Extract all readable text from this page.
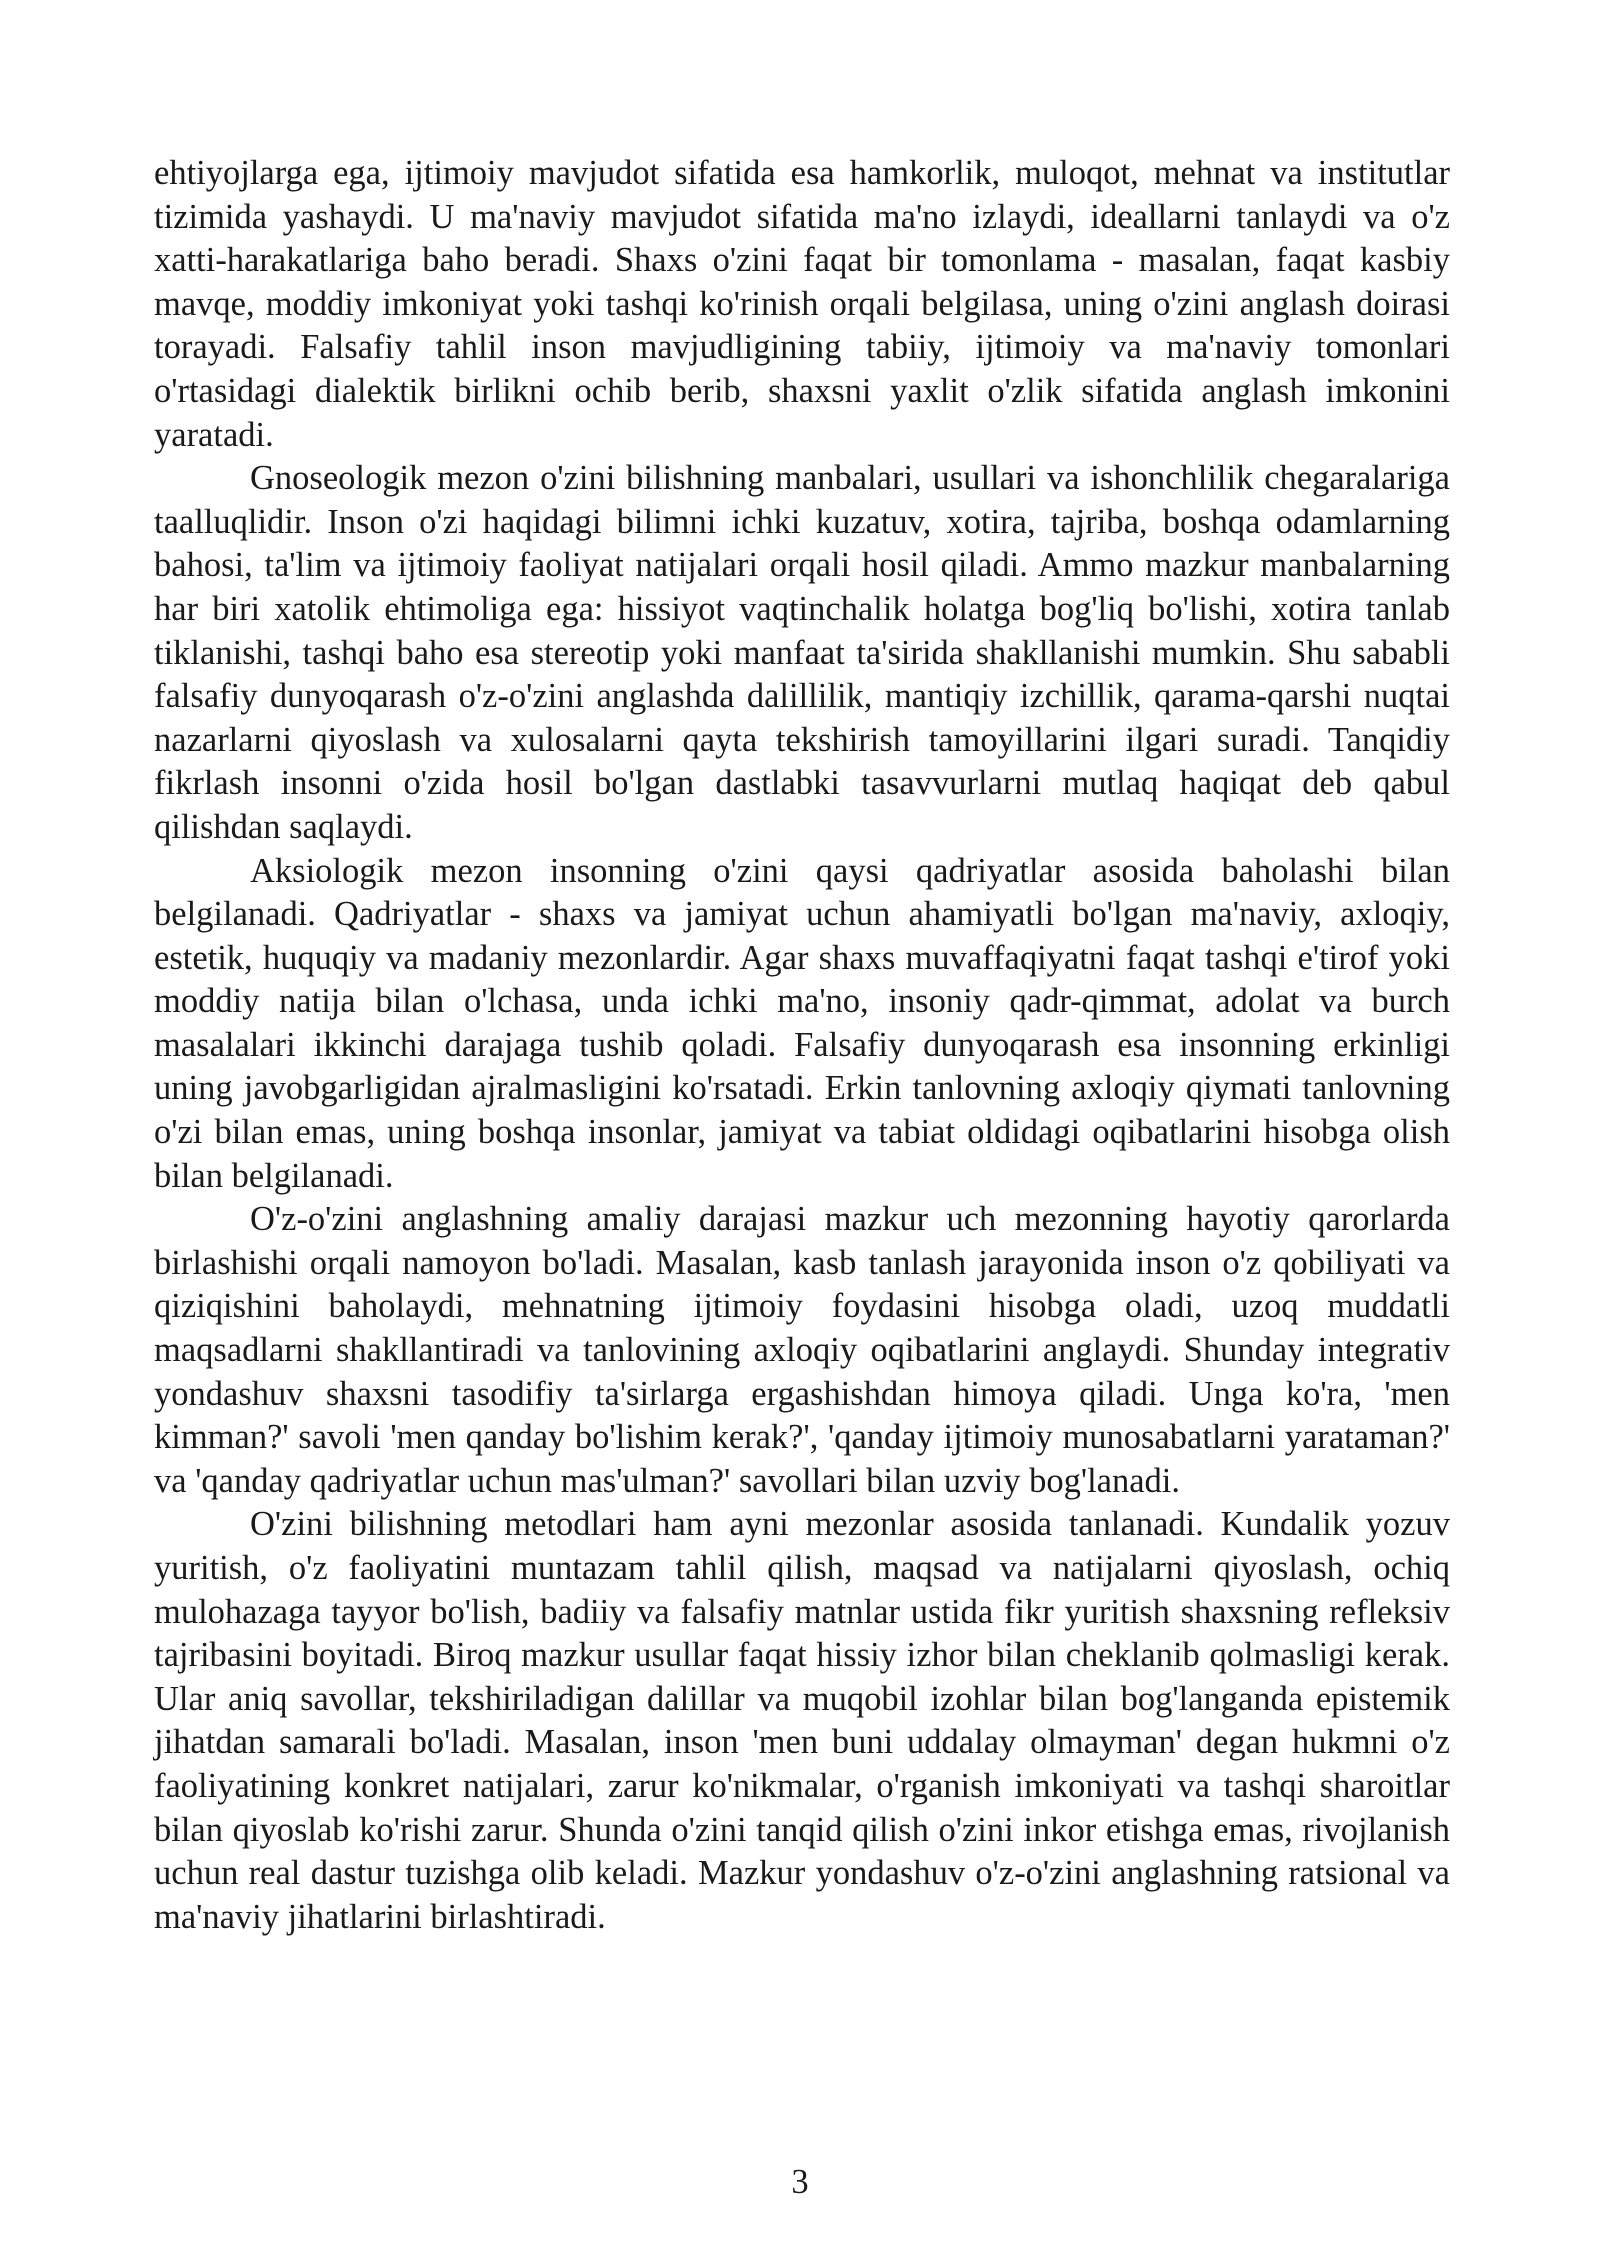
ehtiyojlarga ega, ijtimoiy mavjudot sifatida esa hamkorlik, muloqot, mehnat va institutlar tizimida yashaydi. U ma'naviy mavjudot sifatida ma'no izlaydi, ideallarni tanlaydi va o'z xatti-harakatlariga baho beradi. Shaxs o'zini faqat bir tomonlama - masalan, faqat kasbiy mavqe, moddiy imkoniyat yoki tashqi ko'rinish orqali belgilasa, uning o'zini anglash doirasi torayadi. Falsafiy tahlil inson mavjudligining tabiiy, ijtimoiy va ma'naviy tomonlari o'rtasidagi dialektik birlikni ochib berib, shaxsni yaxlit o'zlik sifatida anglash imkonini yaratadi.

Gnoseologik mezon o'zini bilishning manbalari, usullari va ishonchlilik chegaralariga taalluqlidir. Inson o'zi haqidagi bilimni ichki kuzatuv, xotira, tajriba, boshqa odamlarning bahosi, ta'lim va ijtimoiy faoliyat natijalari orqali hosil qiladi. Ammo mazkur manbalarning har biri xatolik ehtimoliga ega: hissiyot vaqtinchalik holatga bog'liq bo'lishi, xotira tanlab tiklanishi, tashqi baho esa stereotip yoki manfaat ta'sirida shakllanishi mumkin. Shu sababli falsafiy dunyoqarash o'z-o'zini anglashda dalillilik, mantiqiy izchillik, qarama-qarshi nuqtai nazarlarni qiyoslash va xulosalarni qayta tekshirish tamoyillarini ilgari suradi. Tanqidiy fikrlash insonni o'zida hosil bo'lgan dastlabki tasavvurlarni mutlaq haqiqat deb qabul qilishdan saqlaydi.

Aksiologik mezon insonning o'zini qaysi qadriyatlar asosida baholashi bilan belgilanadi. Qadriyatlar - shaxs va jamiyat uchun ahamiyatli bo'lgan ma'naviy, axloqiy, estetik, huquqiy va madaniy mezonlardir. Agar shaxs muvaffaqiyatni faqat tashqi e'tirof yoki moddiy natija bilan o'lchasa, unda ichki ma'no, insoniy qadr-qimmat, adolat va burch masalalari ikkinchi darajaga tushib qoladi. Falsafiy dunyoqarash esa insonning erkinligi uning javobgarligidan ajralmasligini ko'rsatadi. Erkin tanlovning axloqiy qiymati tanlovning o'zi bilan emas, uning boshqa insonlar, jamiyat va tabiat oldidagi oqibatlarini hisobga olish bilan belgilanadi.

O'z-o'zini anglashning amaliy darajasi mazkur uch mezonning hayotiy qarorlarda birlashishi orqali namoyon bo'ladi. Masalan, kasb tanlash jarayonida inson o'z qobiliyati va qiziqishini baholaydi, mehnatning ijtimoiy foydasini hisobga oladi, uzoq muddatli maqsadlarni shakllantiradi va tanlovining axloqiy oqibatlarini anglaydi. Shunday integrativ yondashuv shaxsni tasodifiy ta'sirlarga ergashishdan himoya qiladi. Unga ko'ra, 'men kimman?' savoli 'men qanday bo'lishim kerak?', 'qanday ijtimoiy munosabatlarni yarataman?' va 'qanday qadriyatlar uchun mas'ulman?' savollari bilan uzviy bog'lanadi.

O'zini bilishning metodlari ham ayni mezonlar asosida tanlanadi. Kundalik yozuv yuritish, o'z faoliyatini muntazam tahlil qilish, maqsad va natijalarni qiyoslash, ochiq mulohazaga tayyor bo'lish, badiiy va falsafiy matnlar ustida fikr yuritish shaxsning refleksiv tajribasini boyitadi. Biroq mazkur usullar faqat hissiy izhor bilan cheklanib qolmasligi kerak. Ular aniq savollar, tekshiriladigan dalillar va muqobil izohlar bilan bog'langanda epistemik jihatdan samarali bo'ladi. Masalan, inson 'men buni uddalay olmayman' degan hukmni o'z faoliyatining konkret natijalari, zarur ko'nikmalar, o'rganish imkoniyati va tashqi sharoitlar bilan qiyoslab ko'rishi zarur. Shunda o'zini tanqid qilish o'zini inkor etishga emas, rivojlanish uchun real dastur tuzishga olib keladi. Mazkur yondashuv o'z-o'zini anglashning ratsional va ma'naviy jihatlarini birlashtiradi.

3
